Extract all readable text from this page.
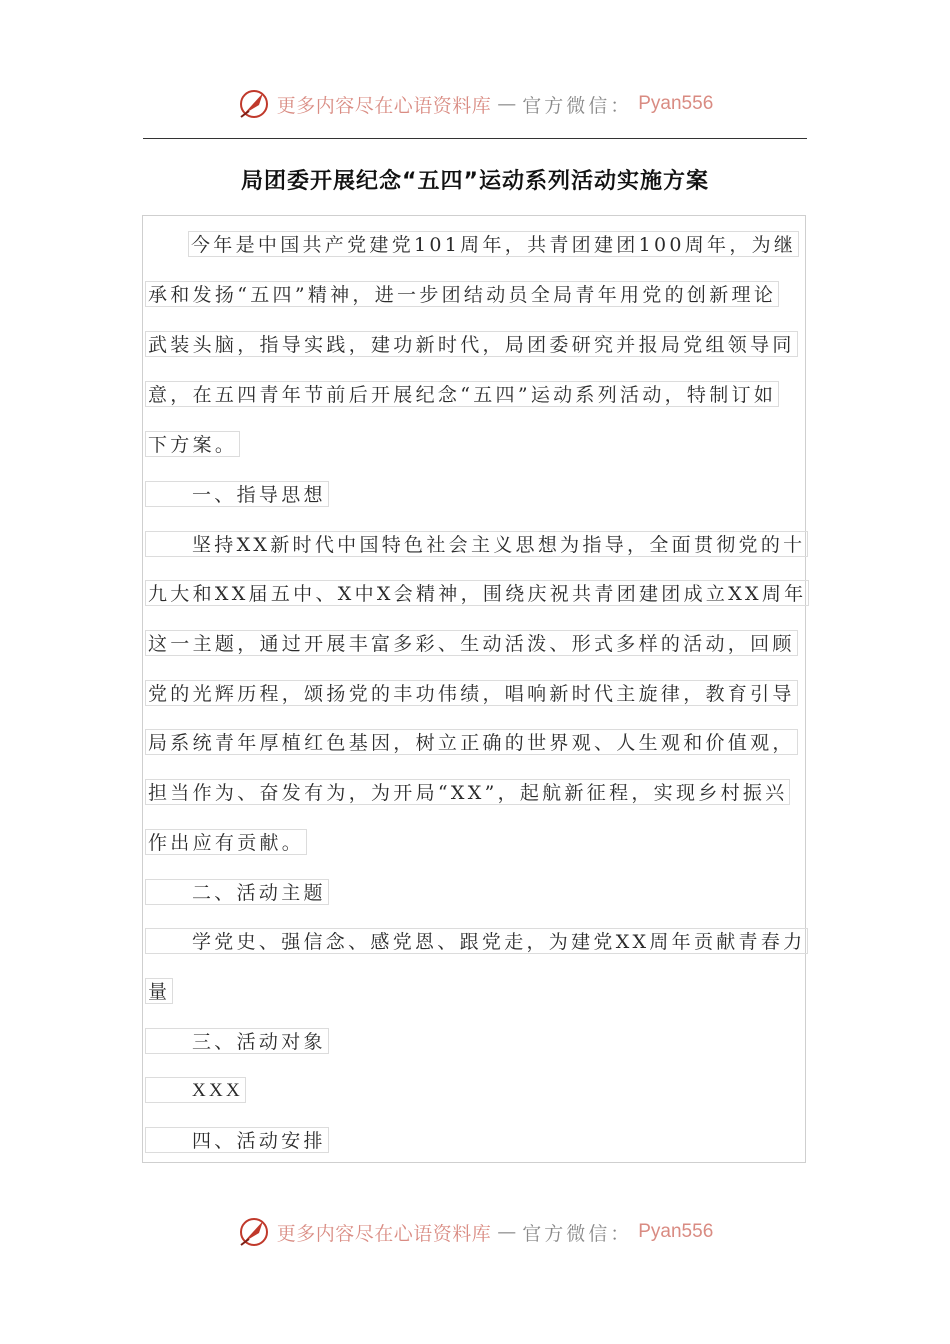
更多内容尽在心语资料库 — 官方微信： Pyan556
局团委开展纪念“五四”运动系列活动实施方案
今年是中国共产党建党101周年，共青团建团100周年，为继
承和发扬“五四”精神，进一步团结动员全局青年用党的创新理论
武装头脑，指导实践，建功新时代，局团委研究并报局党组领导同
意，在五四青年节前后开展纪念“五四”运动系列活动，特制订如
下方案。
一、指导思想
坚持XX新时代中国特色社会主义思想为指导，全面贯彻党的十
九大和XX届五中、X中X会精神，围绕庆祝共青团建团成立XX周年
这一主题，通过开展丰富多彩、生动活泼、形式多样的活动，回顾
党的光辉历程，颂扬党的丰功伟绩，唱响新时代主旋律，教育引导
局系统青年厚植红色基因，树立正确的世界观、人生观和价值观，
担当作为、奋发有为，为开局“XX”，起航新征程，实现乡村振兴
作出应有贡献。
二、活动主题
学党史、强信念、感党恩、跟党走，为建党XX周年贡献青春力
量
三、活动对象
XXX
四、活动安排
更多内容尽在心语资料库 — 官方微信： Pyan556
